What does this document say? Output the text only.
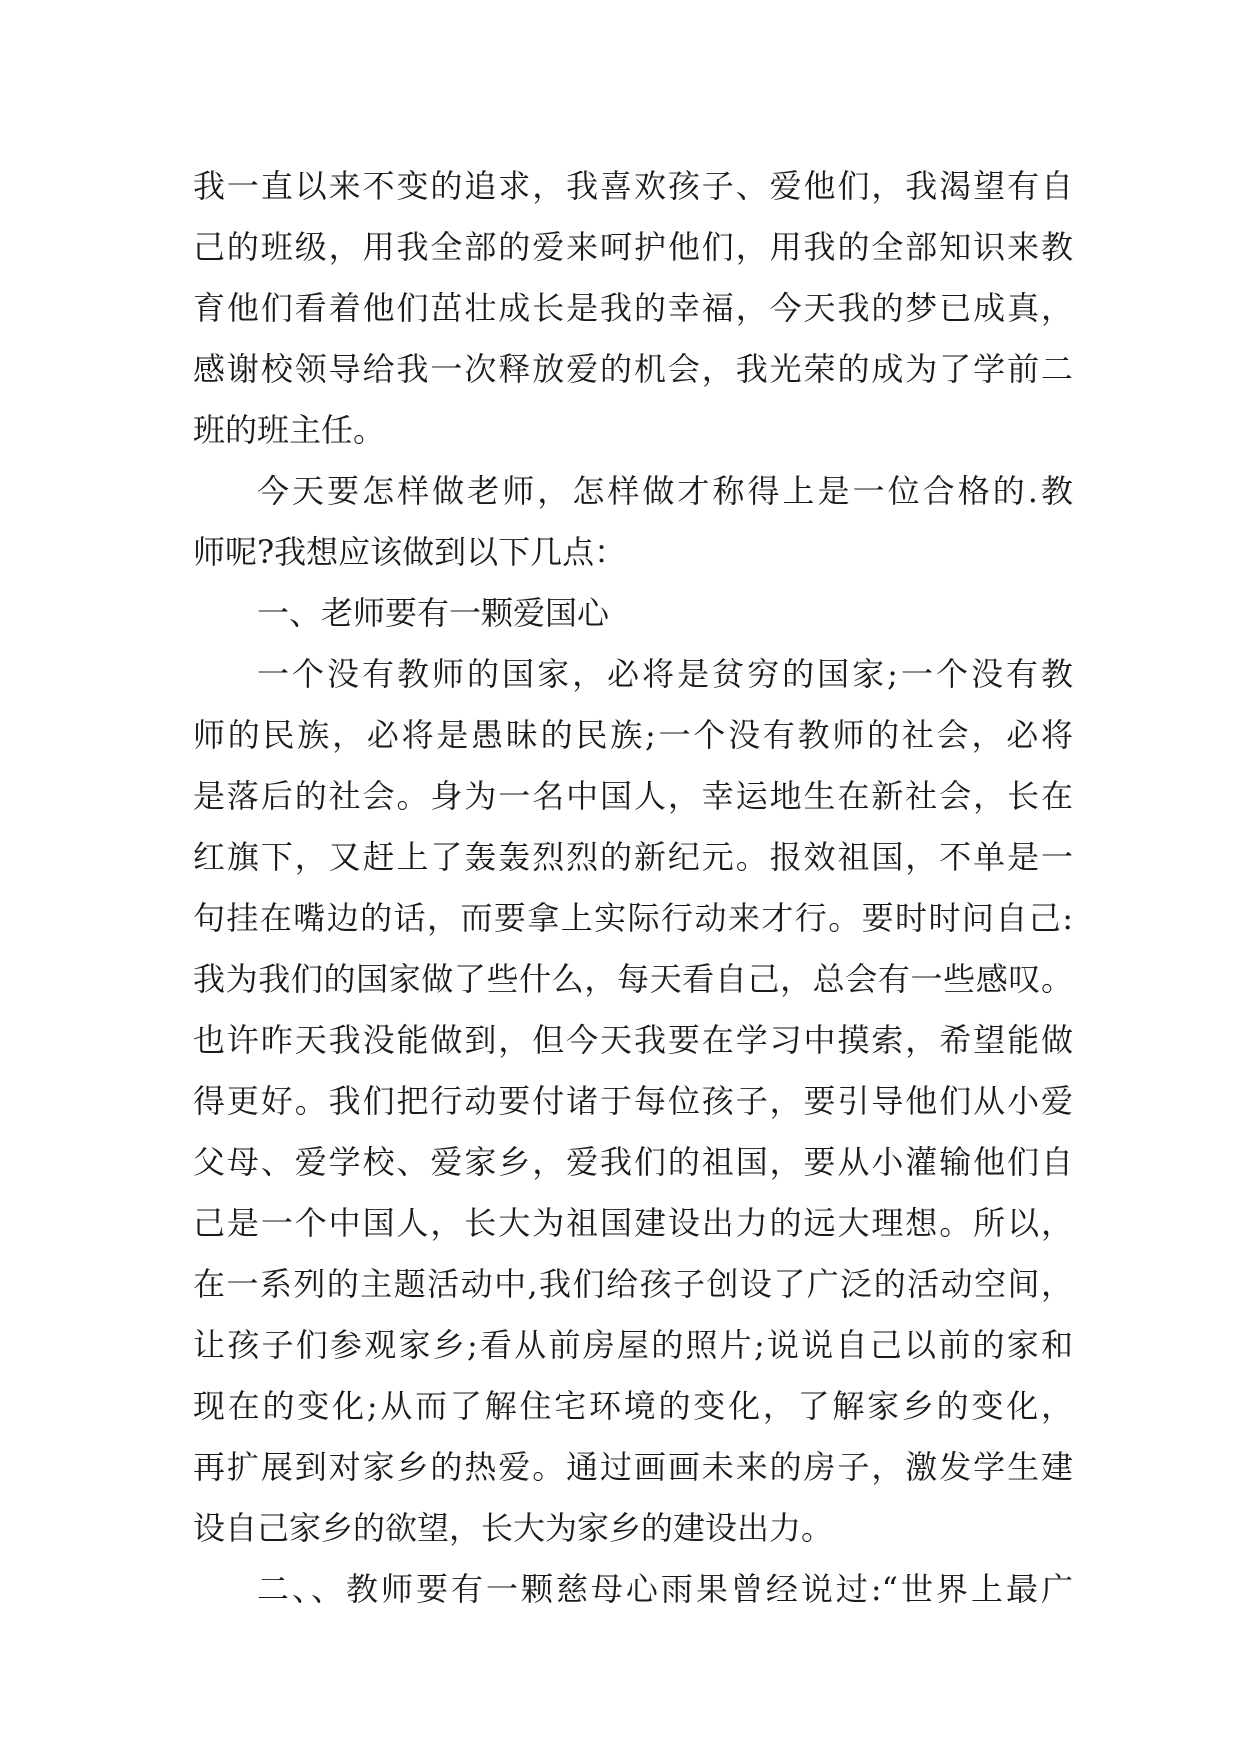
我一直以来不变的追求，我喜欢孩子、爱他们，我渴望有自
己的班级，用我全部的爱来呵护他们，用我的全部知识来教
育他们看着他们茁壮成长是我的幸福，今天我的梦已成真，
感谢校领导给我一次释放爱的机会，我光荣的成为了学前二
班的班主任。
今天要怎样做老师，怎样做才称得上是一位合格的.教
师呢?我想应该做到以下几点：
一、老师要有一颗爱国心
一个没有教师的国家，必将是贫穷的国家;一个没有教
师的民族，必将是愚昧的民族;一个没有教师的社会，必将
是落后的社会。身为一名中国人，幸运地生在新社会，长在
红旗下，又赶上了轰轰烈烈的新纪元。报效祖国，不单是一
句挂在嘴边的话，而要拿上实际行动来才行。要时时问自己:
我为我们的国家做了些什么，每天看自己，总会有一些感叹。
也许昨天我没能做到，但今天我要在学习中摸索，希望能做
得更好。我们把行动要付诸于每位孩子，要引导他们从小爱
父母、爱学校、爱家乡，爱我们的祖国，要从小灌输他们自
己是一个中国人，长大为祖国建设出力的远大理想。所以，
在一系列的主题活动中,我们给孩子创设了广泛的活动空间，
让孩子们参观家乡;看从前房屋的照片;说说自己以前的家和
现在的变化;从而了解住宅环境的变化，了解家乡的变化，
再扩展到对家乡的热爱。通过画画未来的房子，激发学生建
设自己家乡的欲望，长大为家乡的建设出力。
二、、教师要有一颗慈母心雨果曾经说过:“世界上最广
